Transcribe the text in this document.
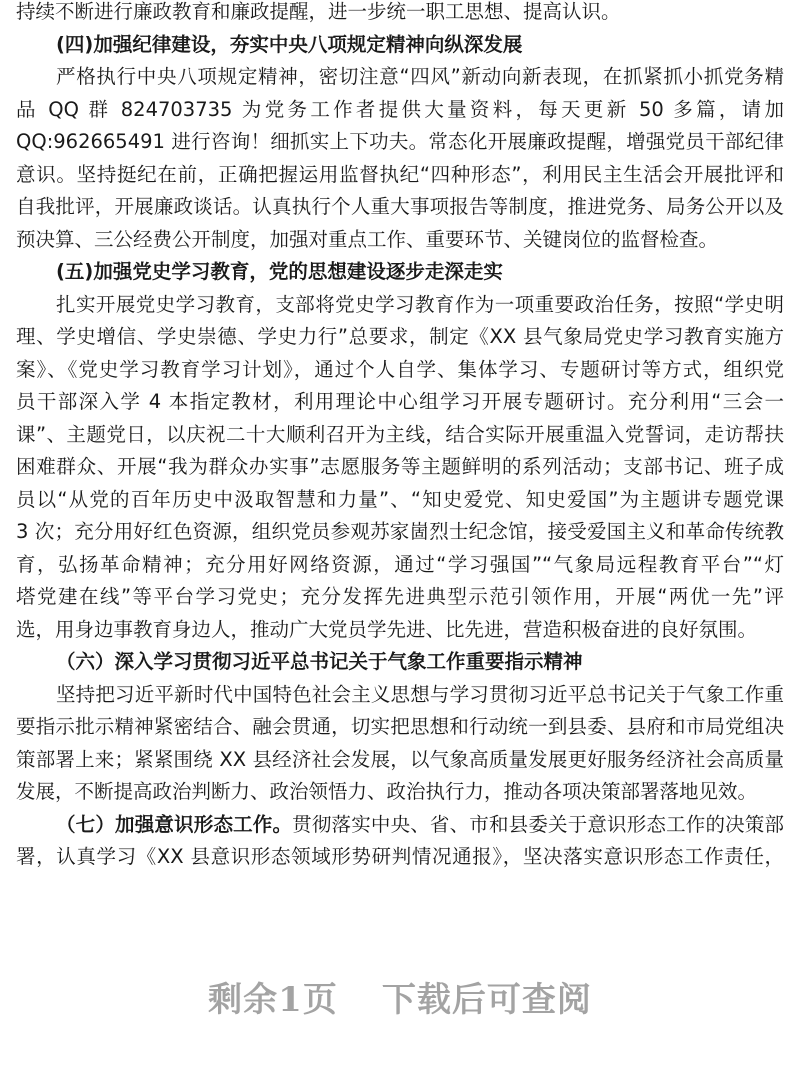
持续不断进行廉政教育和廉政提醒，进一步统一职工思想、提高认识。
(四)加强纪律建设，夯实中央八项规定精神向纵深发展
严格执行中央八项规定精神，密切注意“四风”新动向新表现，在抓紧抓小抓党务精
品 QQ 群 824703735 为党务工作者提供大量资料，每天更新 50 多篇，请加
QQ:962665491 进行咨询！细抓实上下功夫。常态化开展廉政提醒，增强党员干部纪律
意识。坚持挺纪在前，正确把握运用监督执纪“四种形态”，利用民主生活会开展批评和
自我批评，开展廉政谈话。认真执行个人重大事项报告等制度，推进党务、局务公开以及
预决算、三公经费公开制度，加强对重点工作、重要环节、关键岗位的监督检查。
(五)加强党史学习教育，党的思想建设逐步走深走实
扎实开展党史学习教育，支部将党史学习教育作为一项重要政治任务，按照“学史明
理、学史增信、学史崇德、学史力行”总要求，制定《XX 县气象局党史学习教育实施方
案》、《党史学习教育学习计划》，通过个人自学、集体学习、专题研讨等方式，组织党
员干部深入学 4 本指定教材，利用理论中心组学习开展专题研讨。充分利用“三会一
课”、主题党日，以庆祝二十大顺利召开为主线，结合实际开展重温入党誓词，走访帮扶
困难群众、开展“我为群众办实事”志愿服务等主题鲜明的系列活动；支部书记、班子成
员以“从党的百年历史中汲取智慧和力量”、“知史爱党、知史爱国”为主题讲专题党课
3 次；充分用好红色资源，组织党员参观苏家崮烈士纪念馆，接受爱国主义和革命传统教
育，弘扬革命精神；充分用好网络资源，通过“学习强国”“气象局远程教育平台”“灯
塔党建在线”等平台学习党史；充分发挥先进典型示范引领作用，开展“两优一先”评
选，用身边事教育身边人，推动广大党员学先进、比先进，营造积极奋进的良好氛围。
（六）深入学习贯彻习近平总书记关于气象工作重要指示精神
坚持把习近平新时代中国特色社会主义思想与学习贯彻习近平总书记关于气象工作重
要指示批示精神紧密结合、融会贯通，切实把思想和行动统一到县委、县府和市局党组决
策部署上来；紧紧围绕 XX 县经济社会发展，以气象高质量发展更好服务经济社会高质量
发展，不断提高政治判断力、政治领悟力、政治执行力，推动各项决策部署落地见效。
（七）加强意识形态工作。贯彻落实中央、省、市和县委关于意识形态工作的决策部
署，认真学习《XX 县意识形态领域形势研判情况通报》，坚决落实意识形态工作责任，
剩余1页 下载后可查阅
